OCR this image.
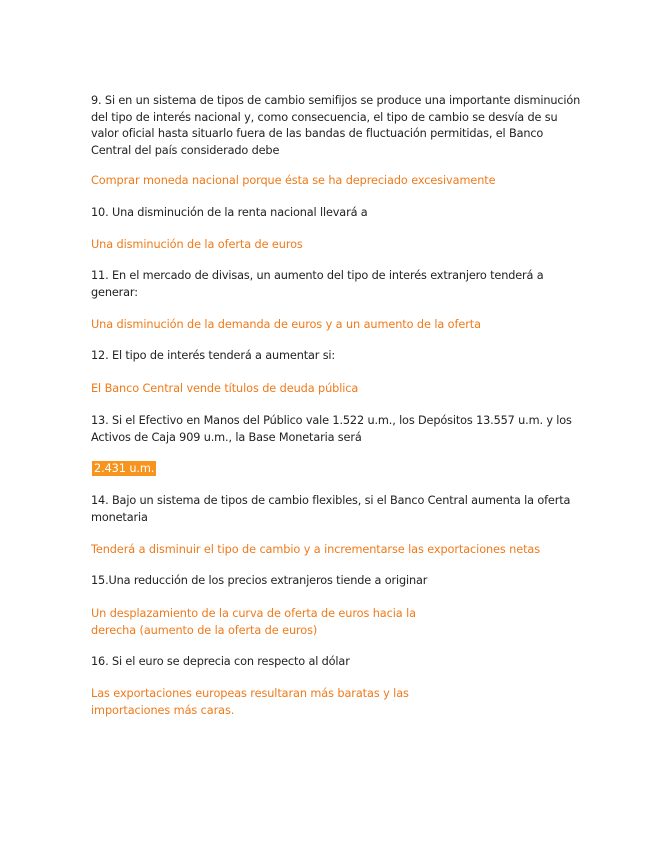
9. Si en un sistema de tipos de cambio semifijos se produce una importante disminución del tipo de interés nacional y, como consecuencia, el tipo de cambio se desvía de su valor oficial hasta situarlo fuera de las bandas de fluctuación permitidas, el Banco Central del país considerado debe
Comprar moneda nacional porque ésta se ha depreciado excesivamente
10. Una disminución de la renta nacional llevará a
Una disminución de la oferta de euros
11. En el mercado de divisas, un aumento del tipo de interés extranjero tenderá a generar:
Una disminución de la demanda de euros y a un aumento de la oferta
12. El tipo de interés tenderá a aumentar si:
El Banco Central vende títulos de deuda pública
13. Si el Efectivo en Manos del Público vale 1.522 u.m., los Depósitos 13.557 u.m. y los Activos de Caja 909 u.m., la Base Monetaria será
2.431 u.m.
14. Bajo un sistema de tipos de cambio flexibles, si el Banco Central aumenta la oferta monetaria
Tenderá a disminuir el tipo de cambio y a incrementarse las exportaciones netas
15.Una reducción de los precios extranjeros tiende a originar
Un desplazamiento de la curva de oferta de euros hacia la derecha (aumento de la oferta de euros)
16. Si el euro se deprecia con respecto al dólar
Las exportaciones europeas resultaran más baratas y las importaciones más caras.
